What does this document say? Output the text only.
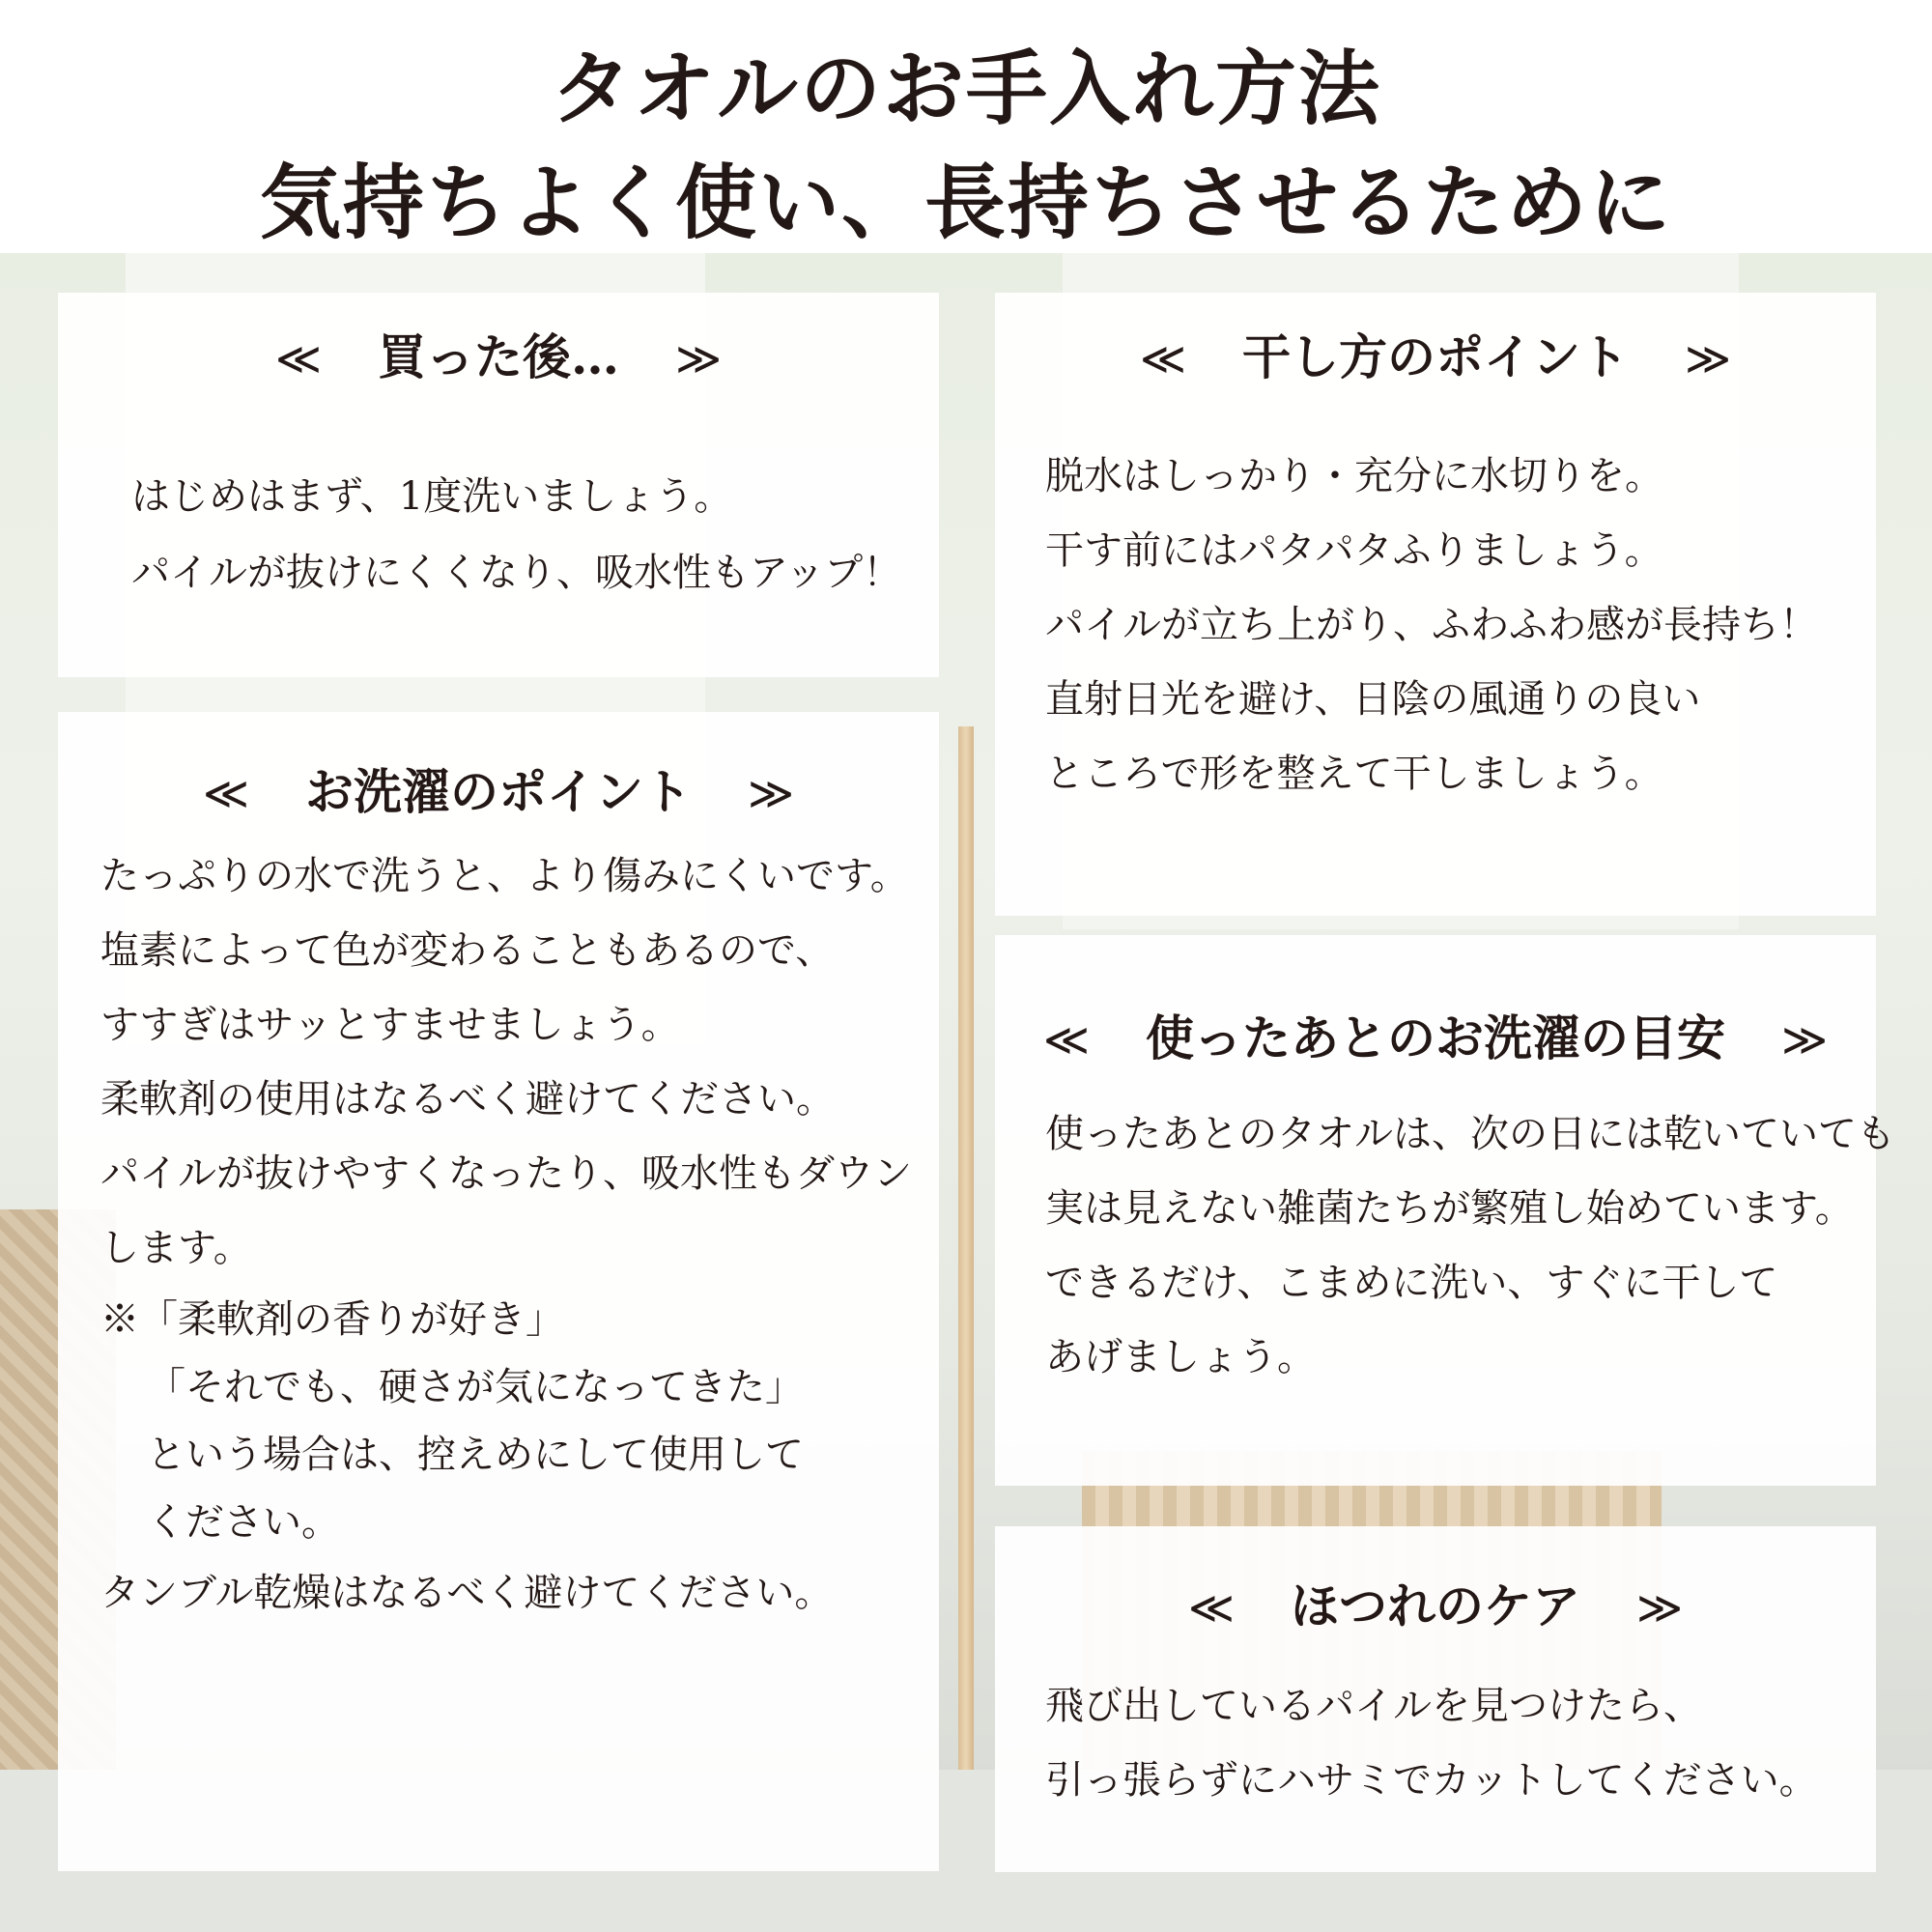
タオルのお手入れ方法
気持ちよく使い、長持ちさせるために
≪ 買った後… ≫
はじめはまず、1度洗いましょう。
パイルが抜けにくくなり、吸水性もアップ！
≪ お洗濯のポイント ≫
たっぷりの水で洗うと、より傷みにくいです。
塩素によって色が変わることもあるので、
すすぎはサッとすませましょう。
柔軟剤の使用はなるべく避けてください。
パイルが抜けやすくなったり、吸水性もダウン
します。
※「柔軟剤の香りが好き」
「それでも、硬さが気になってきた」
という場合は、控えめにして使用して
ください。
タンブル乾燥はなるべく避けてください。
≪ 干し方のポイント ≫
脱水はしっかり・充分に水切りを。
干す前にはパタパタふりましょう。
パイルが立ち上がり、ふわふわ感が長持ち！
直射日光を避け、日陰の風通りの良い
ところで形を整えて干しましょう。
≪ 使ったあとのお洗濯の目安 ≫
使ったあとのタオルは、次の日には乾いていても
実は見えない雑菌たちが繁殖し始めています。
できるだけ、こまめに洗い、すぐに干して
あげましょう。
≪ ほつれのケア ≫
飛び出しているパイルを見つけたら、
引っ張らずにハサミでカットしてください。
